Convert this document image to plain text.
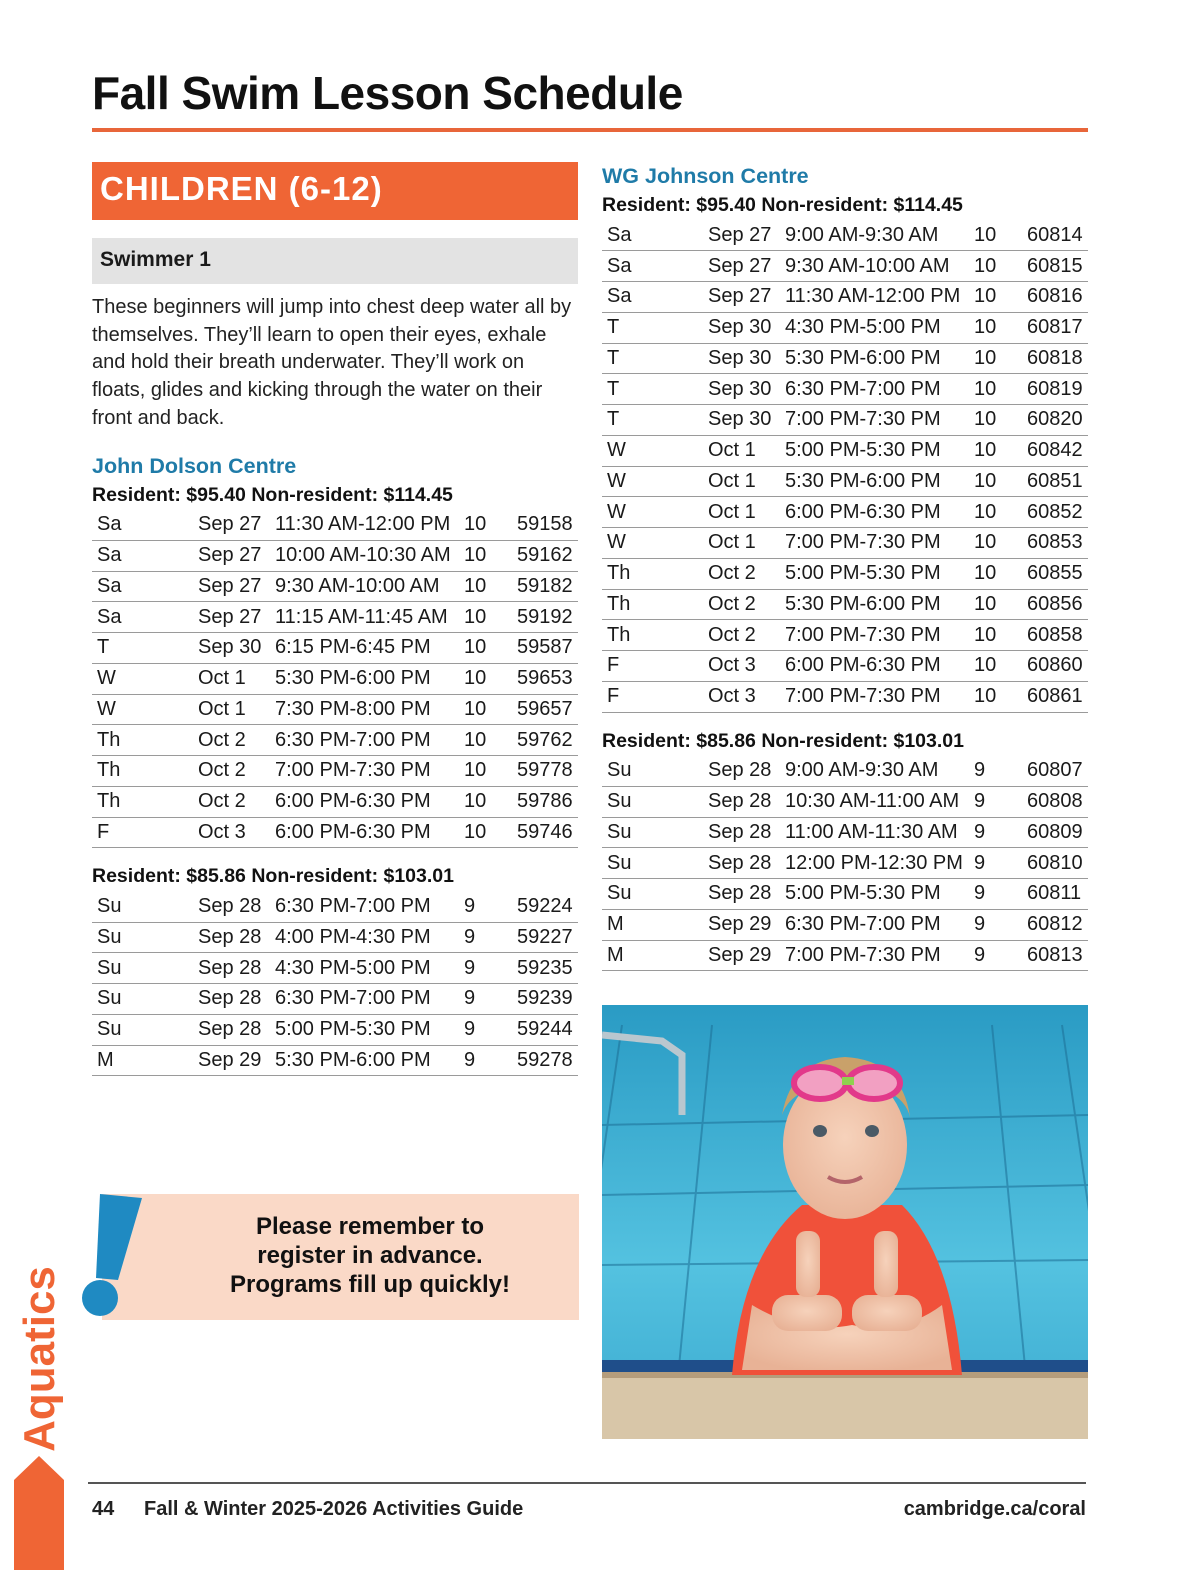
Fall Swim Lesson Schedule
CHILDREN (6-12)
Swimmer 1

These beginners will jump into chest deep water all by themselves. They’ll learn to open their eyes, exhale and hold their breath underwater. They’ll work on floats, glides and kicking through the water on their front and back.

John Dolson Centre
Resident: $95.40 Non-resident: $114.45
Sa	Sep 27	11:30 AM-12:00 PM	10	59158
Sa	Sep 27	10:00 AM-10:30 AM	10	59162
Sa	Sep 27	9:30 AM-10:00 AM	10	59182
Sa	Sep 27	11:15 AM-11:45 AM	10	59192
T	Sep 30	6:15 PM-6:45 PM	10	59587
W	Oct 1	5:30 PM-6:00 PM	10	59653
W	Oct 1	7:30 PM-8:00 PM	10	59657
Th	Oct 2	6:30 PM-7:00 PM	10	59762
Th	Oct 2	7:00 PM-7:30 PM	10	59778
Th	Oct 2	6:00 PM-6:30 PM	10	59786
F	Oct 3	6:00 PM-6:30 PM	10	59746
Resident: $85.86 Non-resident: $103.01
Su	Sep 28	6:30 PM-7:00 PM	9	59224
Su	Sep 28	4:00 PM-4:30 PM	9	59227
Su	Sep 28	4:30 PM-5:00 PM	9	59235
Su	Sep 28	6:30 PM-7:00 PM	9	59239
Su	Sep 28	5:00 PM-5:30 PM	9	59244
M	Sep 29	5:30 PM-6:00 PM	9	59278
WG Johnson Centre
Resident: $95.40 Non-resident: $114.45
Sa	Sep 27	9:00 AM-9:30 AM	10	60814
Sa	Sep 27	9:30 AM-10:00 AM	10	60815
Sa	Sep 27	11:30 AM-12:00 PM	10	60816
T	Sep 30	4:30 PM-5:00 PM	10	60817
T	Sep 30	5:30 PM-6:00 PM	10	60818
T	Sep 30	6:30 PM-7:00 PM	10	60819
T	Sep 30	7:00 PM-7:30 PM	10	60820
W	Oct 1	5:00 PM-5:30 PM	10	60842
W	Oct 1	5:30 PM-6:00 PM	10	60851
W	Oct 1	6:00 PM-6:30 PM	10	60852
W	Oct 1	7:00 PM-7:30 PM	10	60853
Th	Oct 2	5:00 PM-5:30 PM	10	60855
Th	Oct 2	5:30 PM-6:00 PM	10	60856
Th	Oct 2	7:00 PM-7:30 PM	10	60858
F	Oct 3	6:00 PM-6:30 PM	10	60860
F	Oct 3	7:00 PM-7:30 PM	10	60861
Resident: $85.86 Non-resident: $103.01
Su	Sep 28	9:00 AM-9:30 AM	9	60807
Su	Sep 28	10:30 AM-11:00 AM	9	60808
Su	Sep 28	11:00 AM-11:30 AM	9	60809
Su	Sep 28	12:00 PM-12:30 PM	9	60810
Su	Sep 28	5:00 PM-5:30 PM	9	60811
M	Sep 29	6:30 PM-7:00 PM	9	60812
M	Sep 29	7:00 PM-7:30 PM	9	60813
Please remember to
register in advance.
Programs fill up quickly!
Aquatics
44 Fall & Winter 2025-2026 Activities Guide	cambridge.ca/coral
